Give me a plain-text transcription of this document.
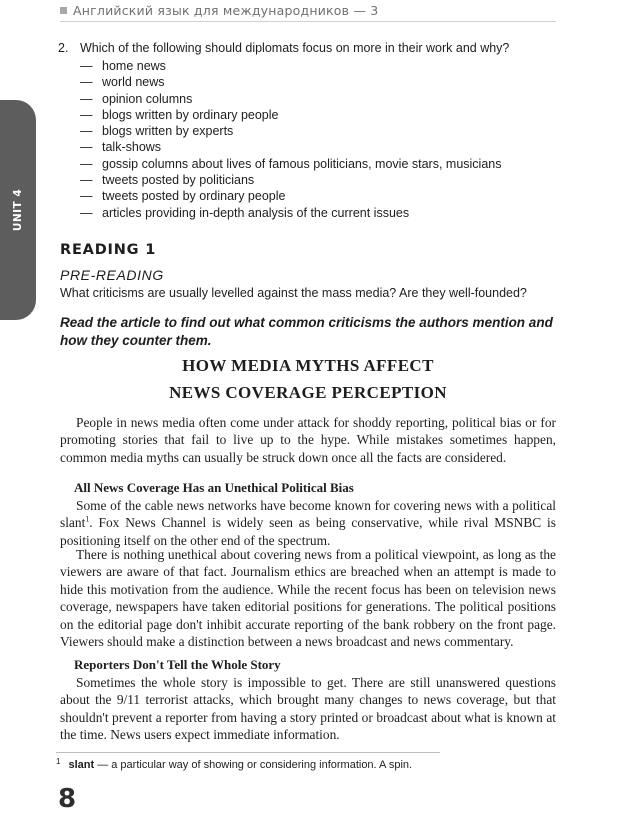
Английский язык для международников — 3
UNIT 4
2. Which of the following should diplomats focus on more in their work and why?
— home news
— world news
— opinion columns
— blogs written by ordinary people
— blogs written by experts
— talk-shows
— gossip columns about lives of famous politicians, movie stars, musicians
— tweets posted by politicians
— tweets posted by ordinary people
— articles providing in-depth analysis of the current issues
READING 1
PRE-READING
What criticisms are usually levelled against the mass media? Are they well-founded?
Read the article to find out what common criticisms the authors mention and how they counter them.
HOW MEDIA MYTHS AFFECT
NEWS COVERAGE PERCEPTION

People in news media often come under attack for shoddy reporting, political bias or for promoting stories that fail to live up to the hype. While mistakes sometimes happen, common media myths can usually be struck down once all the facts are considered.

All News Coverage Has an Unethical Political Bias

Some of the cable news networks have become known for covering news with a political slant$^1$. Fox News Channel is widely seen as being conservative, while rival MSNBC is positioning itself on the other end of the spectrum.

There is nothing unethical about covering news from a political viewpoint, as long as the viewers are aware of that fact. Journalism ethics are breached when an attempt is made to hide this motivation from the audience. While the recent focus has been on television news coverage, newspapers have taken editorial positions for generations. The political positions on the editorial page don't inhibit accurate reporting of the bank robbery on the front page. Viewers should make a distinction between a news broadcast and news commentary.

Reporters Don't Tell the Whole Story

Sometimes the whole story is impossible to get. There are still unanswered questions about the 9/11 terrorist attacks, which brought many changes to news coverage, but that shouldn't prevent a reporter from having a story printed or broadcast about what is known at the time. News users expect immediate information.

$^1$ slant — a particular way of showing or considering information. A spin.
8
